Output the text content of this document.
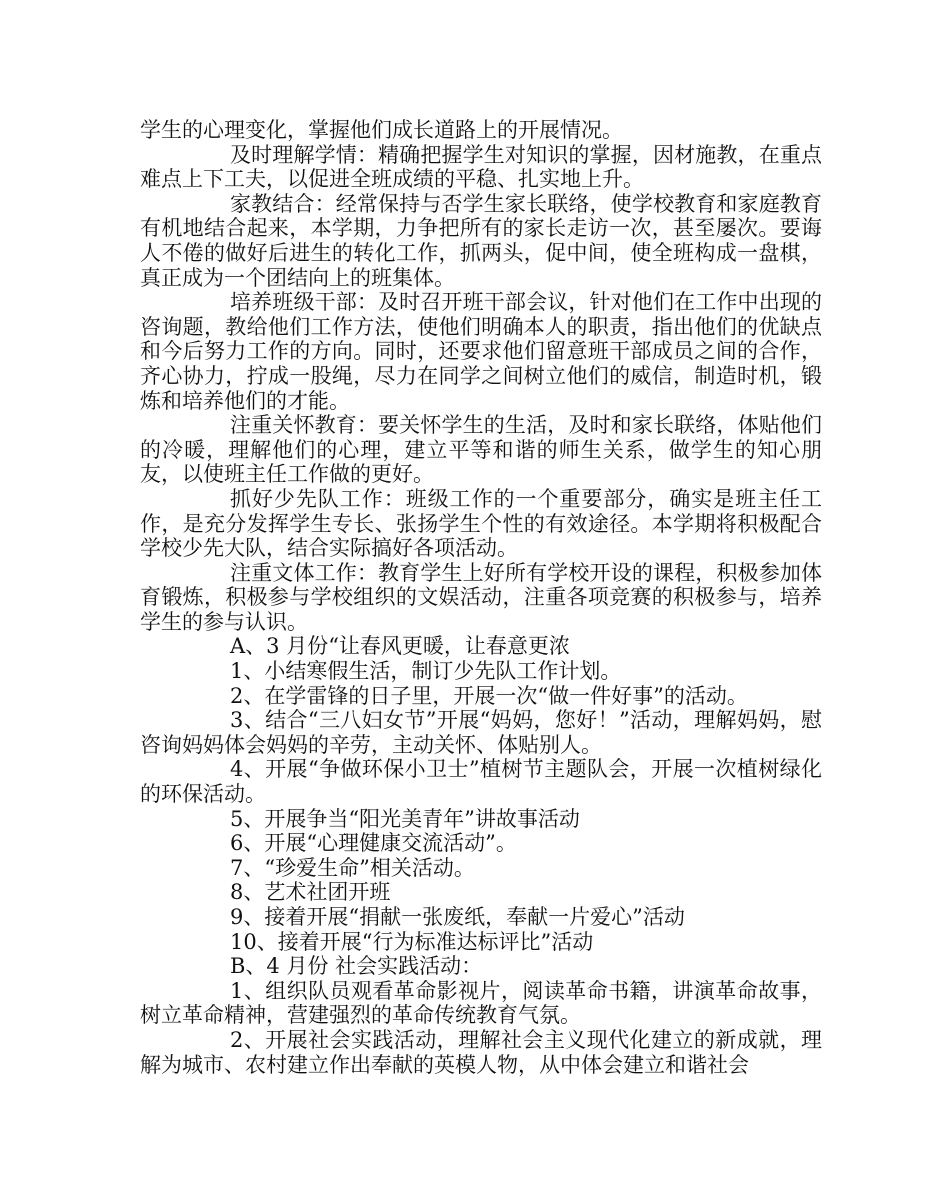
学生的心理变化，掌握他们成长道路上的开展情况。

及时理解学情：精确把握学生对知识的掌握，因材施教，在重点难点上下工夫，以促进全班成绩的平稳、扎实地上升。

家教结合：经常保持与否学生家长联络，使学校教育和家庭教育有机地结合起来，本学期，力争把所有的家长走访一次，甚至屡次。要诲人不倦的做好后进生的转化工作，抓两头，促中间，使全班构成一盘棋，真正成为一个团结向上的班集体。

培养班级干部：及时召开班干部会议，针对他们在工作中出现的咨询题，教给他们工作方法，使他们明确本人的职责，指出他们的优缺点和今后努力工作的方向。同时，还要求他们留意班干部成员之间的合作，齐心协力，拧成一股绳，尽力在同学之间树立他们的威信，制造时机，锻炼和培养他们的才能。

注重关怀教育：要关怀学生的生活，及时和家长联络，体贴他们的冷暖，理解他们的心理，建立平等和谐的师生关系，做学生的知心朋友，以使班主任工作做的更好。

抓好少先队工作：班级工作的一个重要部分，确实是班主任工作，是充分发挥学生专长、张扬学生个性的有效途径。本学期将积极配合学校少先大队，结合实际搞好各项活动。

注重文体工作：教育学生上好所有学校开设的课程，积极参加体育锻炼，积极参与学校组织的文娱活动，注重各项竞赛的积极参与，培养学生的参与认识。

A、3 月份“让春风更暖，让春意更浓

1、小结寒假生活，制订少先队工作计划。

2、在学雷锋的日子里，开展一次“做一件好事”的活动。

3、结合“三八妇女节”开展“妈妈，您好！”活动，理解妈妈，慰咨询妈妈体会妈妈的辛劳，主动关怀、体贴别人。

4、开展“争做环保小卫士”植树节主题队会，开展一次植树绿化的环保活动。

5、开展争当“阳光美青年”讲故事活动

6、开展“心理健康交流活动”。

7、“珍爱生命”相关活动。

8、艺术社团开班

9、接着开展“捐献一张废纸，奉献一片爱心”活动

10、接着开展“行为标准达标评比”活动

B、4 月份 社会实践活动：

1、组织队员观看革命影视片，阅读革命书籍，讲演革命故事，树立革命精神，营建强烈的革命传统教育气氛。

2、开展社会实践活动，理解社会主义现代化建立的新成就，理解为城市、农村建立作出奉献的英模人物，从中体会建立和谐社会
